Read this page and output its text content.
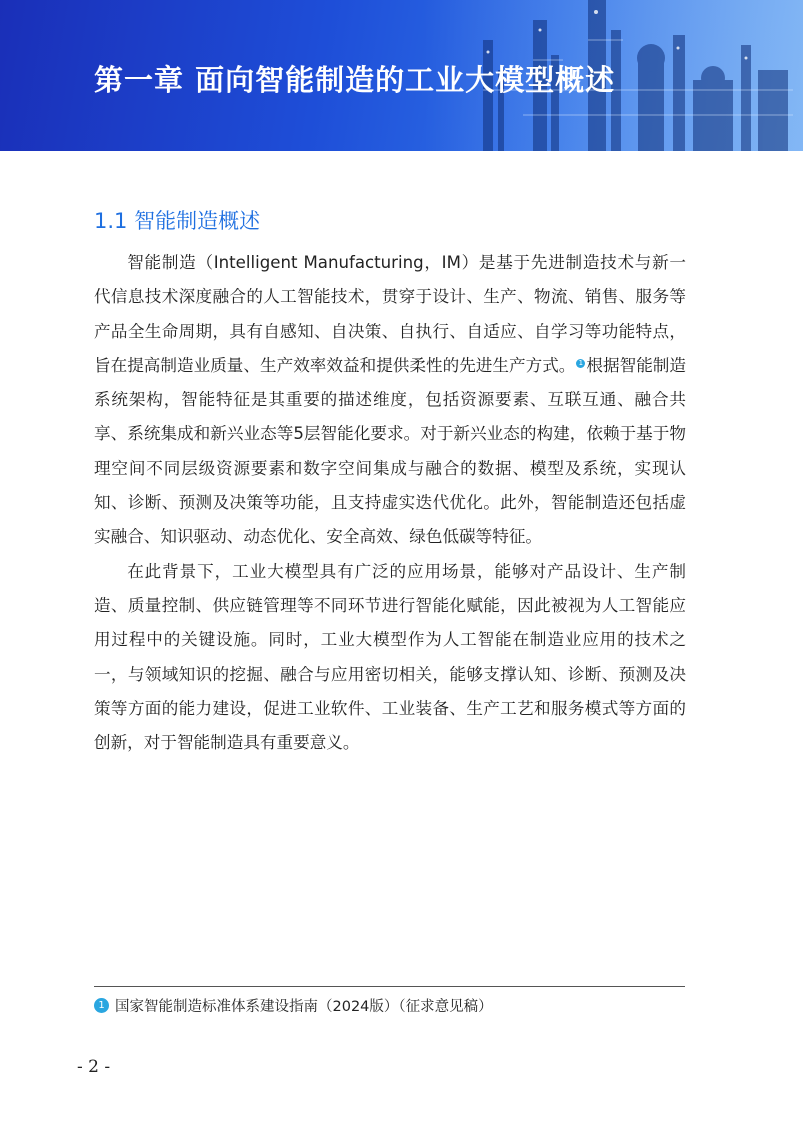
第一章 面向智能制造的工业大模型概述
1.1 智能制造概述

智能制造（Intelligent Manufacturing，IM）是基于先进制造技术与新一代信息技术深度融合的人工智能技术，贯穿于设计、生产、物流、销售、服务等产品全生命周期，具有自感知、自决策、自执行、自适应、自学习等功能特点，旨在提高制造业质量、生产效率效益和提供柔性的先进生产方式。 1 根据智能制造系统架构，智能特征是其重要的描述维度，包括资源要素、互联互通、融合共享、系统集成和新兴业态等5层智能化要求。对于新兴业态的构建，依赖于基于物理空间不同层级资源要素和数字空间集成与融合的数据、模型及系统，实现认知、诊断、预测及决策等功能，且支持虚实迭代优化。此外，智能制造还包括虚实融合、知识驱动、动态优化、安全高效、绿色低碳等特征。

在此背景下，工业大模型具有广泛的应用场景，能够对产品设计、生产制造、质量控制、供应链管理等不同环节进行智能化赋能，因此被视为人工智能应用过程中的关键设施。同时，工业大模型作为人工智能在制造业应用的技术之一，与领域知识的挖掘、融合与应用密切相关，能够支撑认知、诊断、预测及决策等方面的能力建设，促进工业软件、工业装备、生产工艺和服务模式等方面的创新，对于智能制造具有重要意义。

1 国家智能制造标准体系建设指南（2024版）（征求意见稿）
- 2 -
